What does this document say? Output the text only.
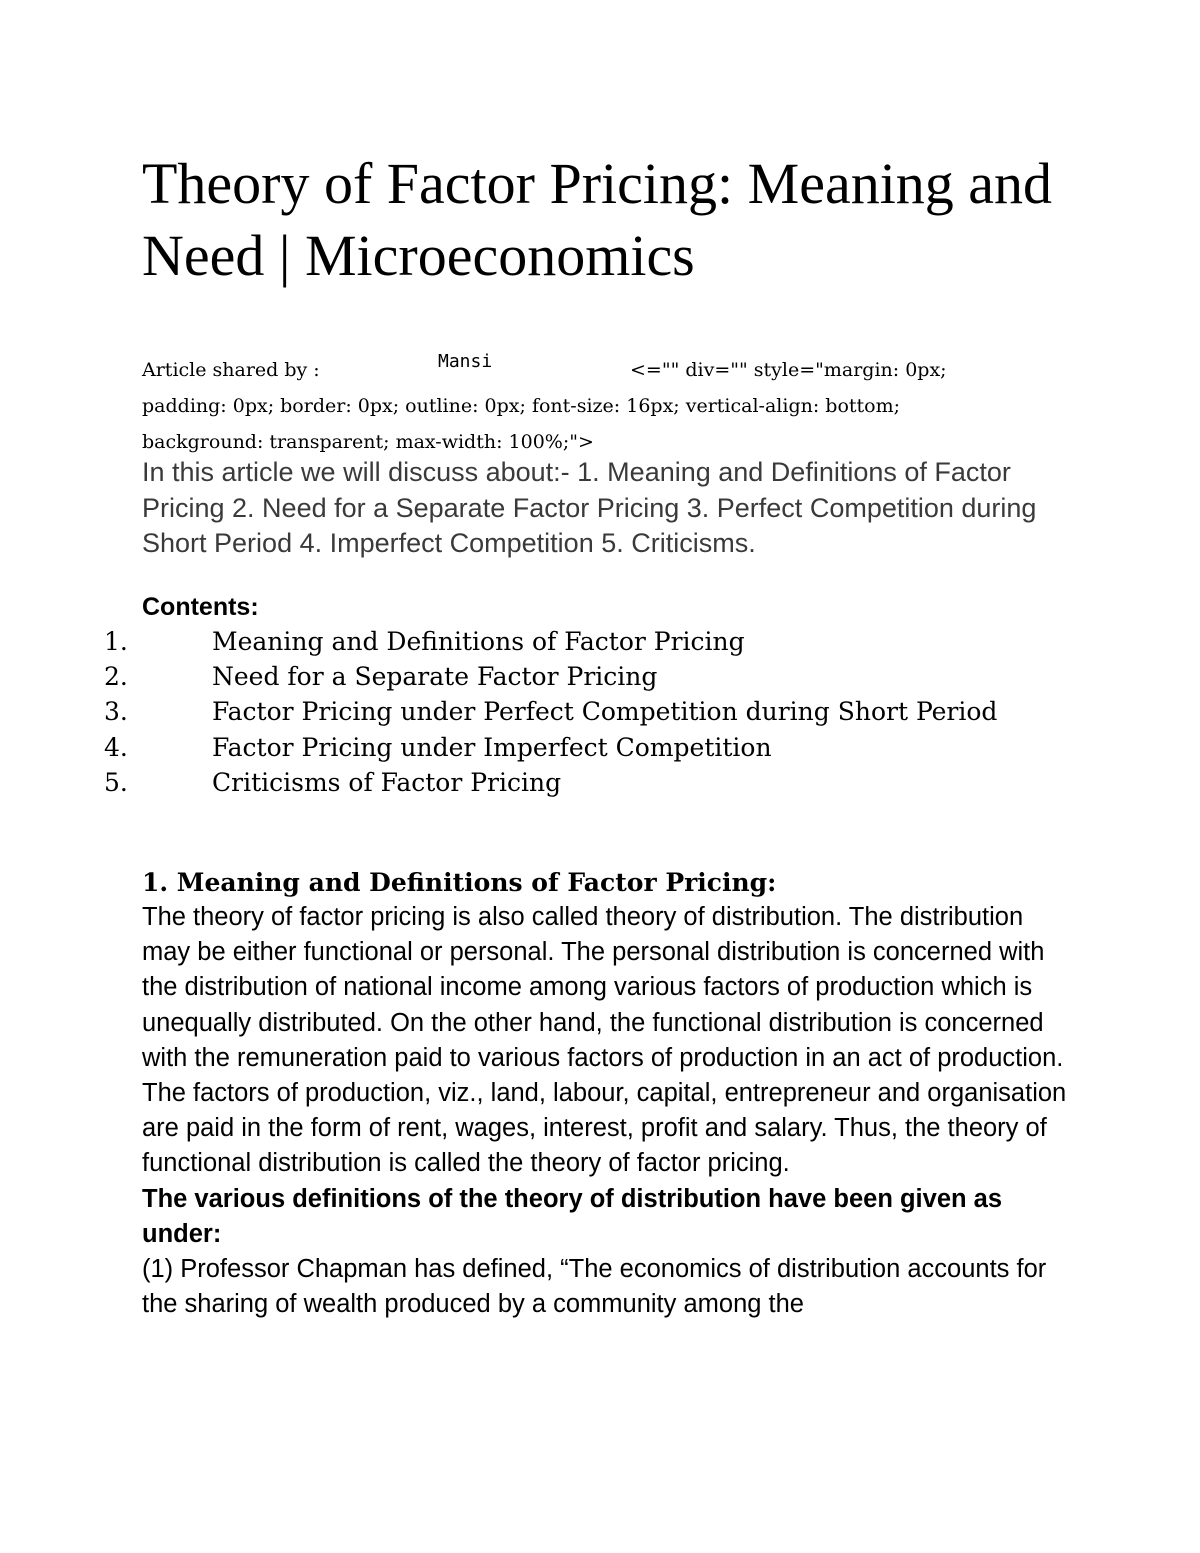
Theory of Factor Pricing: Meaning and Need | Microeconomics
Article shared by :	Mansi	<="" div="" style="margin: 0px;
padding: 0px; border: 0px; outline: 0px; font-size: 16px; vertical-align: bottom;
background: transparent; max-width: 100%;">
In this article we will discuss about:- 1. Meaning and Definitions of Factor Pricing 2. Need for a Separate Factor Pricing 3. Perfect Competition during Short Period 4. Imperfect Competition 5. Criticisms.
Contents:
1.	Meaning and Definitions of Factor Pricing
2.	Need for a Separate Factor Pricing
3.	Factor Pricing under Perfect Competition during Short Period
4.	Factor Pricing under Imperfect Competition
5.	Criticisms of Factor Pricing
1. Meaning and Definitions of Factor Pricing:

The theory of factor pricing is also called theory of distribution. The distribution may be either functional or personal. The personal distribution is concerned with the distribution of national income among various factors of production which is unequally distributed. On the other hand, the functional distribution is concerned with the remuneration paid to various factors of production in an act of production.

The factors of production, viz., land, labour, capital, entrepreneur and organisation are paid in the form of rent, wages, interest, profit and salary. Thus, the theory of functional distribution is called the theory of factor pricing.

The various definitions of the theory of distribution have been given as under:

(1) Professor Chapman has defined, “The economics of distribution accounts for the sharing of wealth produced by a community among the
